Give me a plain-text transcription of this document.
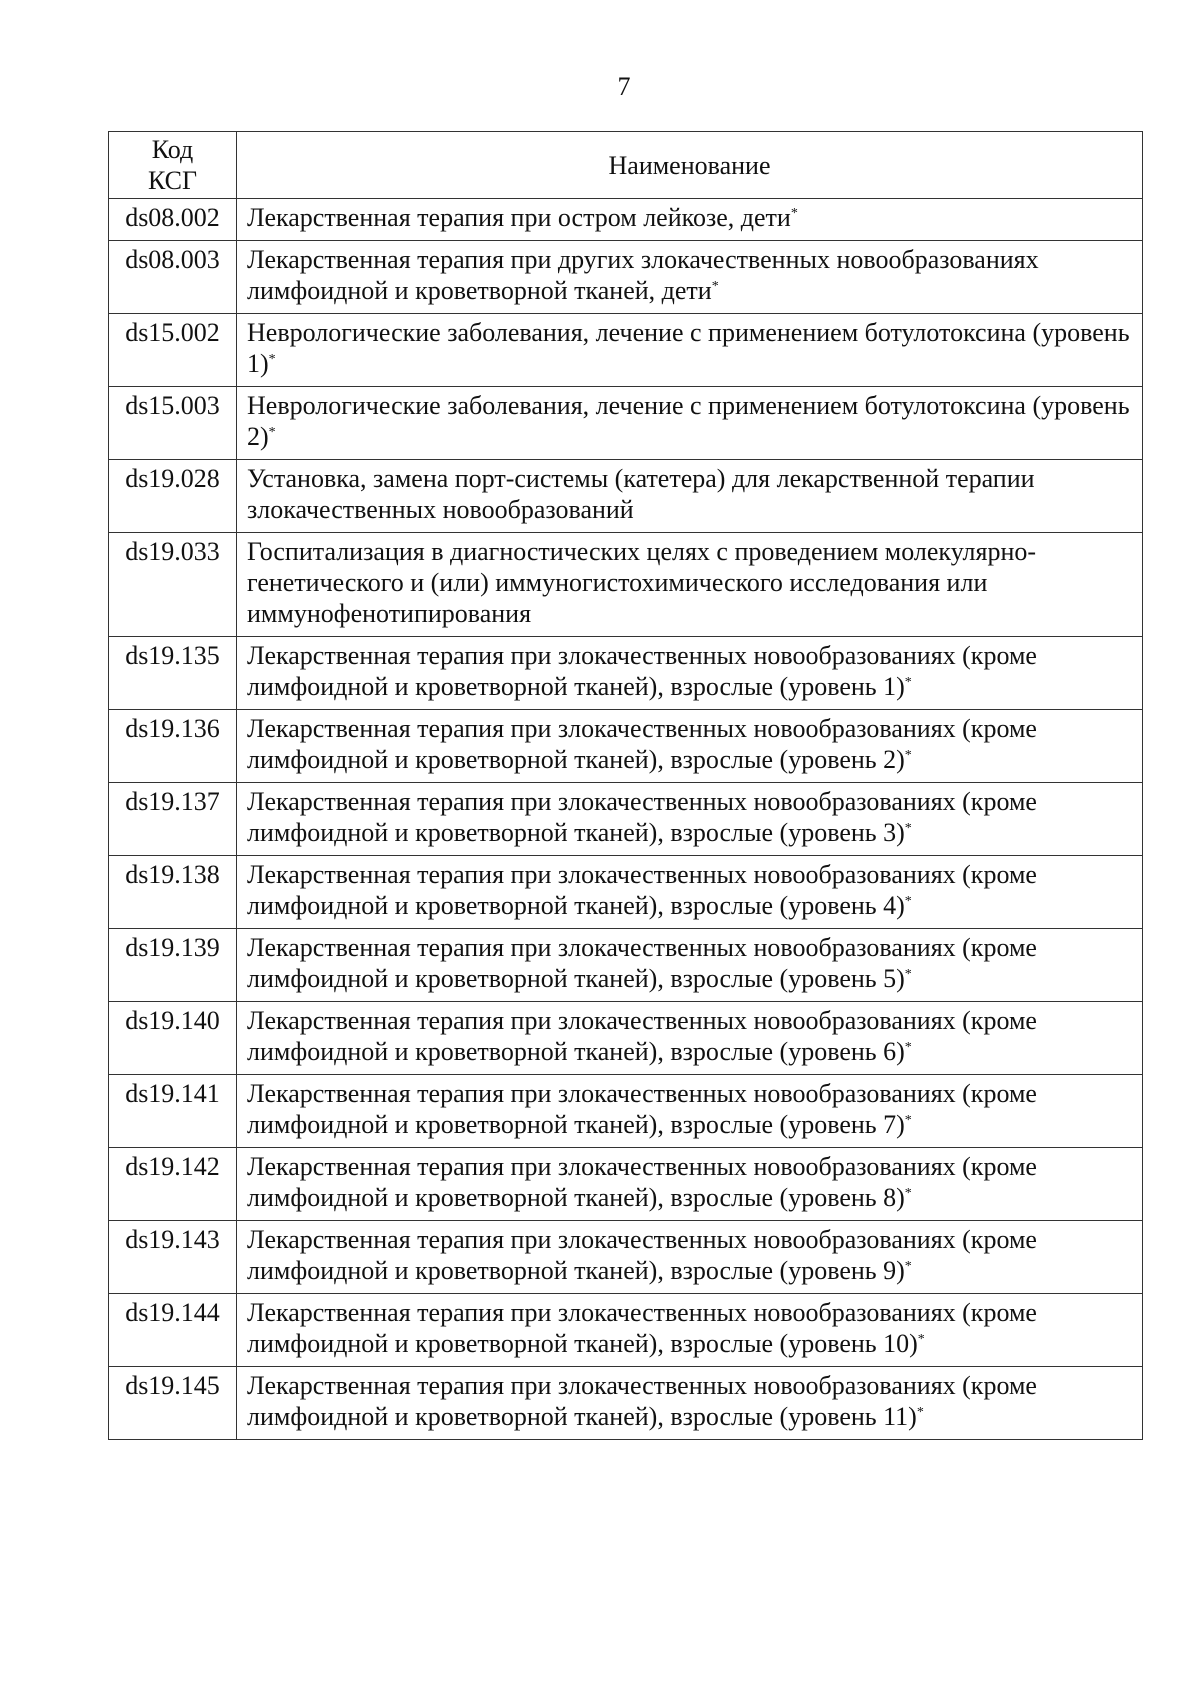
7
Код
КСГ	Наименование
ds08.002	Лекарственная терапия при остром лейкозе, дети*
ds08.003	Лекарственная терапия при других злокачественных новообразованиях лимфоидной и кроветворной тканей, дети*
ds15.002	Неврологические заболевания, лечение с применением ботулотоксина (уровень 1)*
ds15.003	Неврологические заболевания, лечение с применением ботулотоксина (уровень 2)*
ds19.028	Установка, замена порт-системы (катетера) для лекарственной терапии злокачественных новообразований
ds19.033	Госпитализация в диагностических целях с проведением молекулярно-генетического и (или) иммуногистохимического исследования или иммунофенотипирования
ds19.135	Лекарственная терапия при злокачественных новообразованиях (кроме лимфоидной и кроветворной тканей), взрослые (уровень 1)*
ds19.136	Лекарственная терапия при злокачественных новообразованиях (кроме лимфоидной и кроветворной тканей), взрослые (уровень 2)*
ds19.137	Лекарственная терапия при злокачественных новообразованиях (кроме лимфоидной и кроветворной тканей), взрослые (уровень 3)*
ds19.138	Лекарственная терапия при злокачественных новообразованиях (кроме лимфоидной и кроветворной тканей), взрослые (уровень 4)*
ds19.139	Лекарственная терапия при злокачественных новообразованиях (кроме лимфоидной и кроветворной тканей), взрослые (уровень 5)*
ds19.140	Лекарственная терапия при злокачественных новообразованиях (кроме лимфоидной и кроветворной тканей), взрослые (уровень 6)*
ds19.141	Лекарственная терапия при злокачественных новообразованиях (кроме лимфоидной и кроветворной тканей), взрослые (уровень 7)*
ds19.142	Лекарственная терапия при злокачественных новообразованиях (кроме лимфоидной и кроветворной тканей), взрослые (уровень 8)*
ds19.143	Лекарственная терапия при злокачественных новообразованиях (кроме лимфоидной и кроветворной тканей), взрослые (уровень 9)*
ds19.144	Лекарственная терапия при злокачественных новообразованиях (кроме лимфоидной и кроветворной тканей), взрослые (уровень 10)*
ds19.145	Лекарственная терапия при злокачественных новообразованиях (кроме лимфоидной и кроветворной тканей), взрослые (уровень 11)*
